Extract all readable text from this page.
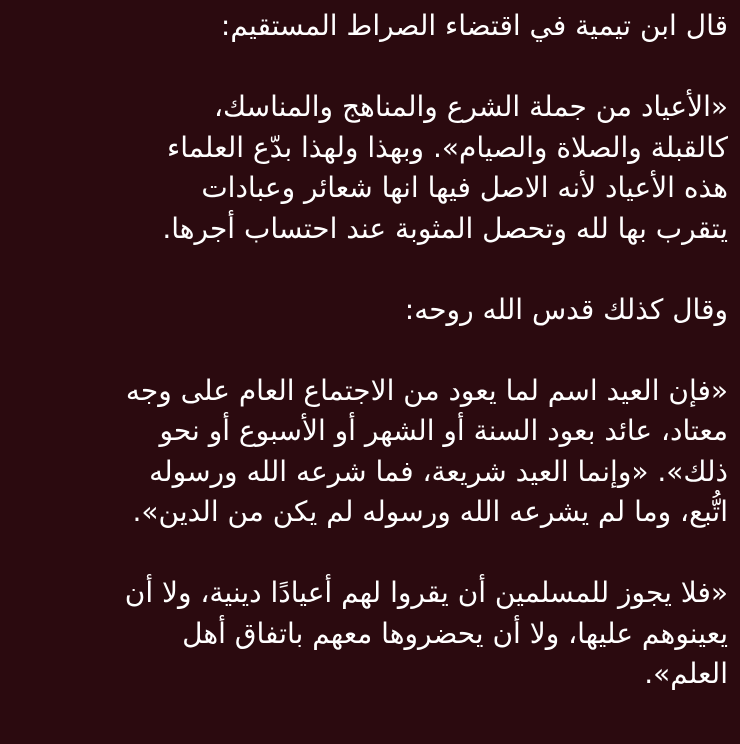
قال ابن تيمية في اقتضاء الصراط المستقيم:
«الأعياد من جملة الشرع والمناهج والمناسك،
كالقبلة والصلاة والصيام». وبهذا ولهذا بدّع العلماء
هذه الأعياد لأنه الاصل فيها انها شعائر وعبادات
يتقرب بها لله وتحصل المثوبة عند احتساب أجرها.
وقال كذلك قدس الله روحه:
«فإن العيد اسم لما يعود من الاجتماع العام على وجه
معتاد، عائد بعود السنة أو الشهر أو الأسبوع أو نحو
ذلك». «وإنما العيد شريعة، فما شرعه الله ورسوله
اتُّبع، وما لم يشرعه الله ورسوله لم يكن من الدين».
«فلا يجوز للمسلمين أن يقروا لهم أعيادًا دينية، ولا أن
يعينوهم عليها، ولا أن يحضروها معهم باتفاق أهل
العلم».
